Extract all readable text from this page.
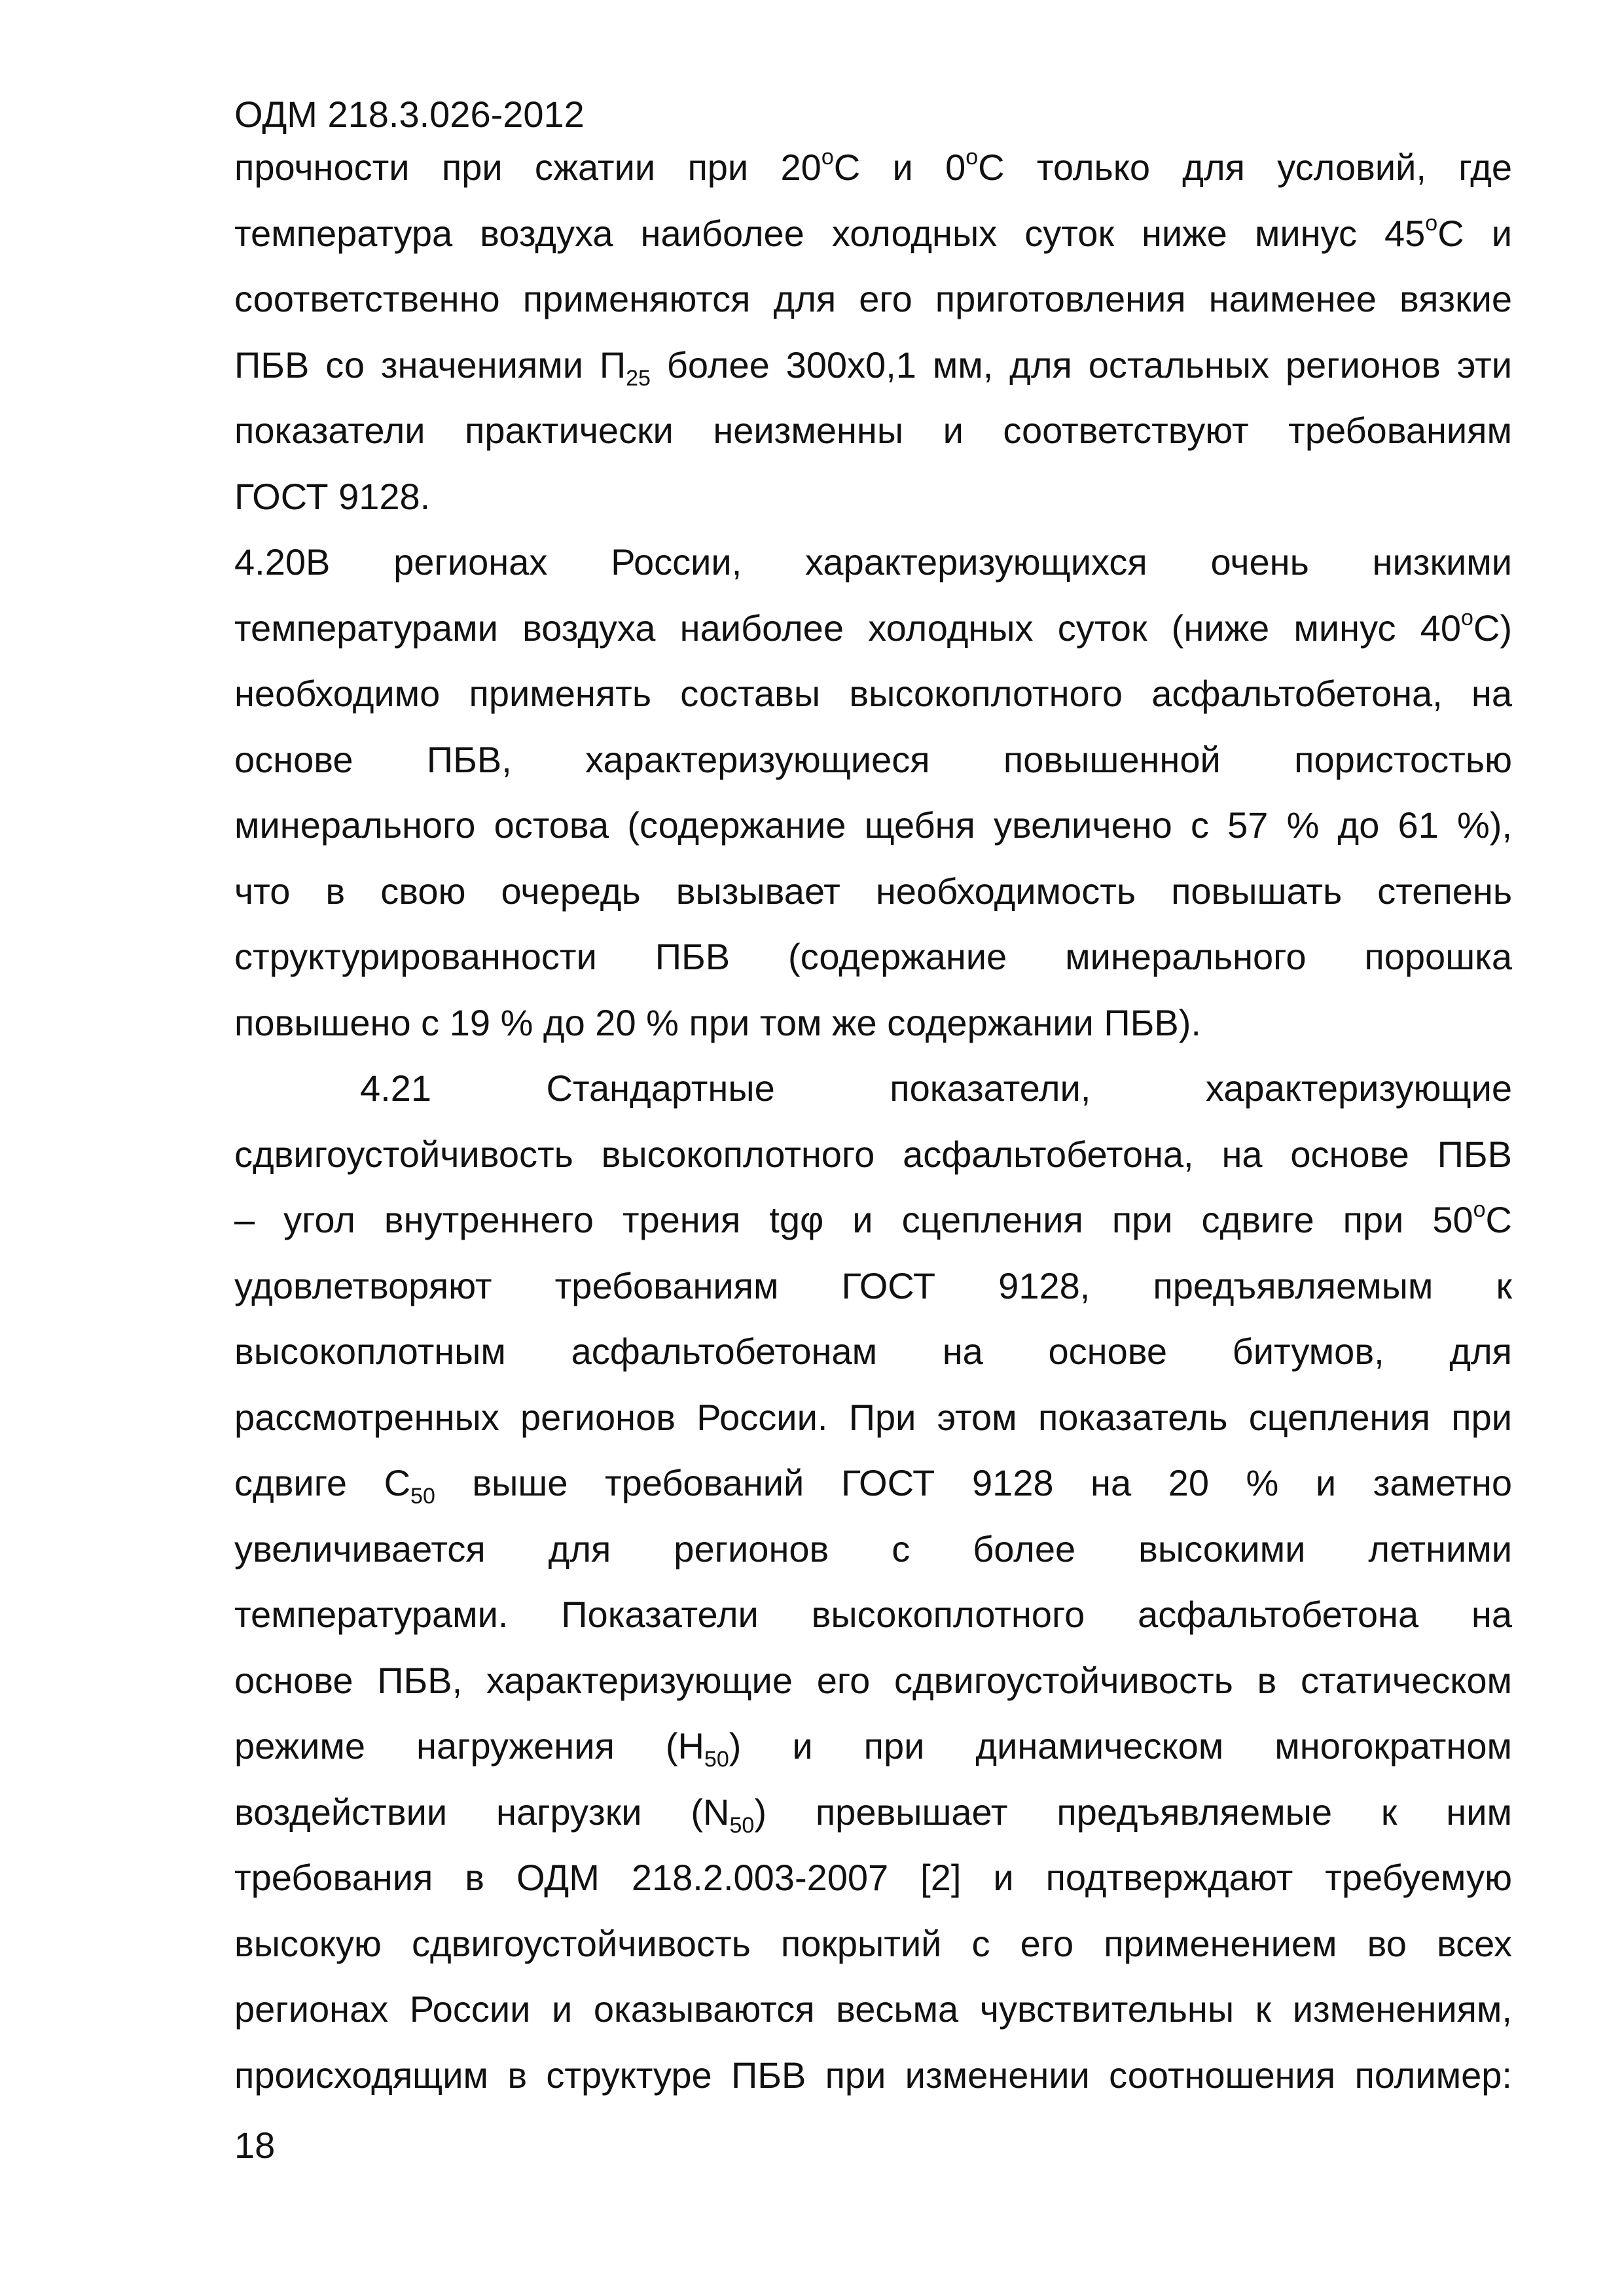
ОДМ 218.3.026-2012
прочности при сжатии при 20$^o$С и 0$^o$С только для условий, где
температура воздуха наиболее холодных суток ниже минус 45$^o$С и
соответственно применяются для его приготовления наименее вязкие
ПБВ со значениями $П_{25}$ более 300х0,1 мм, для остальных регионов эти
показатели практически неизменны и соответствуют требованиям
ГОСТ 9128.
4.20В регионах России, характеризующихся очень низкими
температурами воздуха наиболее холодных суток (ниже минус 40$^o$С)
необходимо применять составы высокоплотного асфальтобетона, на
основе ПБВ, характеризующиеся повышенной пористостью
минерального остова (содержание щебня увеличено с 57 % до 61 %),
что в свою очередь вызывает необходимость повышать степень
структурированности ПБВ (содержание минерального порошка
повышено с 19 % до 20 % при том же содержании ПБВ).
4.21 Стандартные показатели, характеризующие
сдвигоустойчивость высокоплотного асфальтобетона, на основе ПБВ
– угол внутреннего трения tgφ и сцепления при сдвиге при 50$^o$С
удовлетворяют требованиям ГОСТ 9128, предъявляемым к
высокоплотным асфальтобетонам на основе битумов, для
рассмотренных регионов России. При этом показатель сцепления при
сдвиге $С_{50}$ выше требований ГОСТ 9128 на 20 % и заметно
увеличивается для регионов с более высокими летними
температурами. Показатели высокоплотного асфальтобетона на
основе ПБВ, характеризующие его сдвигоустойчивость в статическом
режиме нагружения $(Н_{50})$ и при динамическом многократном
воздействии нагрузки $(N_{50})$ превышает предъявляемые к ним
требования в ОДМ 218.2.003-2007 [2] и подтверждают требуемую
высокую сдвигоустойчивость покрытий с его применением во всех
регионах России и оказываются весьма чувствительны к изменениям,
происходящим в структуре ПБВ при изменении соотношения полимер:
18
